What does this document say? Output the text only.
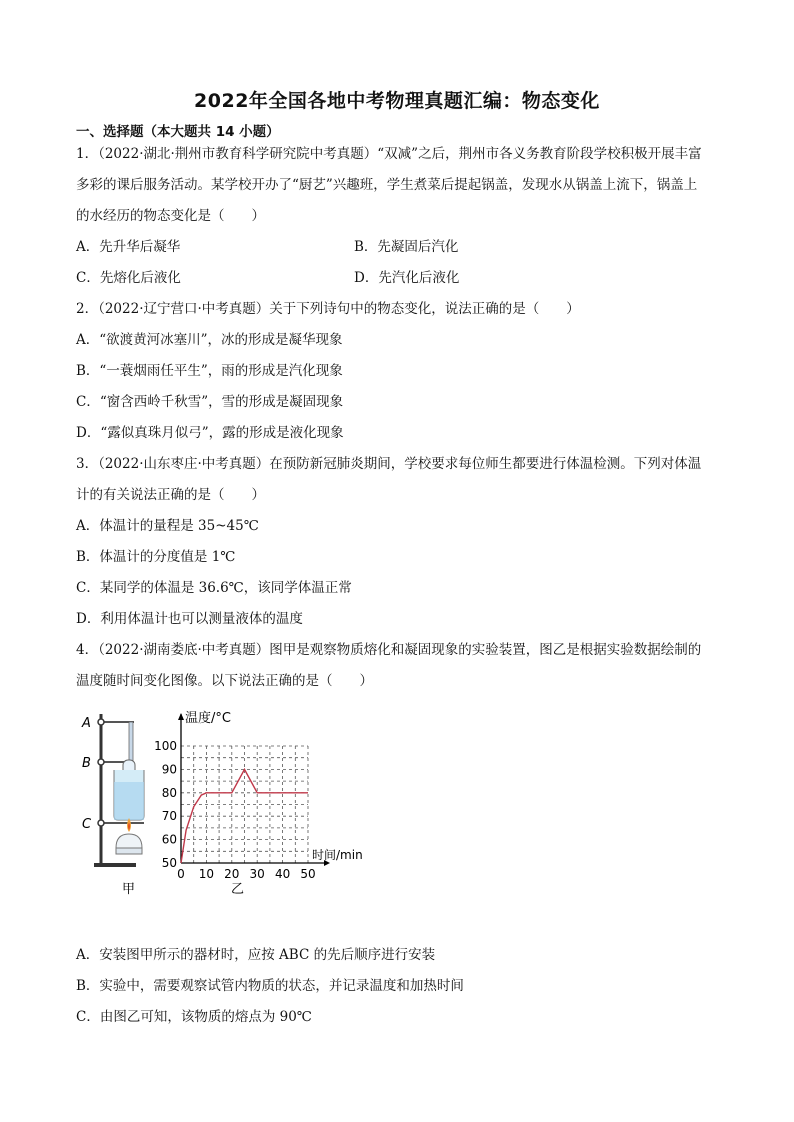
2022年全国各地中考物理真题汇编：物态变化
一、选择题（本大题共 14 小题）
1．（2022·湖北·荆州市教育科学研究院中考真题）“双减”之后，荆州市各义务教育阶段学校积极开展丰富
多彩的课后服务活动。某学校开办了“厨艺”兴趣班，学生煮菜后提起锅盖，发现水从锅盖上流下，锅盖上
的水经历的物态变化是（　　）
A．先升华后凝华	B．先凝固后汽化
C．先熔化后液化	D．先汽化后液化
2．（2022·辽宁营口·中考真题）关于下列诗句中的物态变化，说法正确的是（　　）
A．“欲渡黄河冰塞川”，冰的形成是凝华现象
B．“一蓑烟雨任平生”，雨的形成是汽化现象
C．“窗含西岭千秋雪”，雪的形成是凝固现象
D．“露似真珠月似弓”，露的形成是液化现象
3．（2022·山东枣庄·中考真题）在预防新冠肺炎期间，学校要求每位师生都要进行体温检测。下列对体温
计的有关说法正确的是（　　）
A．体温计的量程是 35~45℃
B．体温计的分度值是 1℃
C．某同学的体温是 36.6℃，该同学体温正常
D．利用体温计也可以测量液体的温度
4．（2022·湖南娄底·中考真题）图甲是观察物质熔化和凝固现象的实验装置，图乙是根据实验数据绘制的
温度随时间变化图像。以下说法正确的是（　　）
A
B
C
甲
50
60
70
80
90
100
0 10 20 30 40 50
温度/°C
时间/min
乙
A．安装图甲所示的器材时，应按 ABC 的先后顺序进行安装
B．实验中，需要观察试管内物质的状态，并记录温度和加热时间
C．由图乙可知，该物质的熔点为 90℃
